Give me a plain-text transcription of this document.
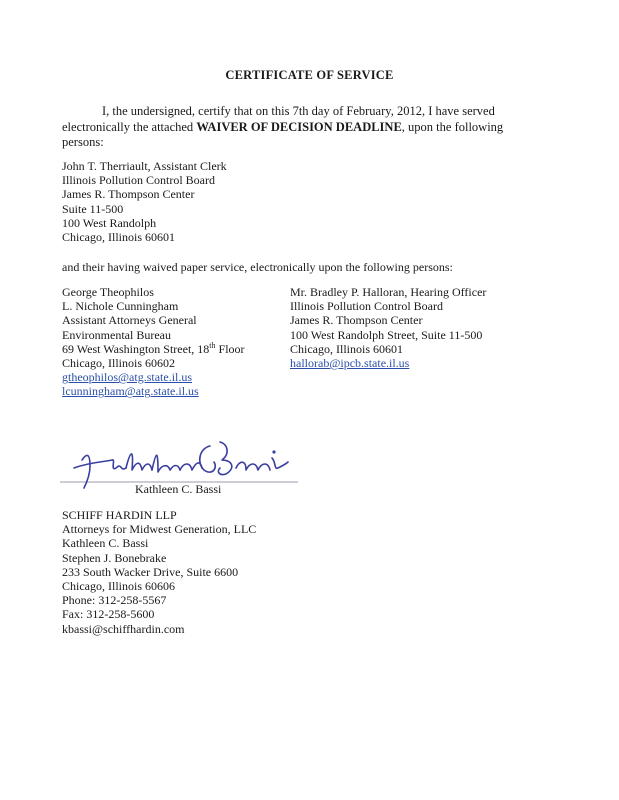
CERTIFICATE OF SERVICE
I, the undersigned, certify that on this 7th day of February, 2012, I have served
electronically the attached WAIVER OF DECISION DEADLINE, upon the following
persons:
John T. Therriault, Assistant Clerk
Illinois Pollution Control Board
James R. Thompson Center
Suite 11-500
100 West Randolph
Chicago, Illinois 60601
and their having waived paper service, electronically upon the following persons:
George Theophilos
L. Nichole Cunningham
Assistant Attorneys General
Environmental Bureau
69 West Washington Street, 18th Floor
Chicago, Illinois 60602
gtheophilos@atg.state.il.us
lcunningham@atg.state.il.us
Mr. Bradley P. Halloran, Hearing Officer
Illinois Pollution Control Board
James R. Thompson Center
100 West Randolph Street, Suite 11-500
Chicago, Illinois 60601
hallorab@ipcb.state.il.us
Kathleen C. Bassi
SCHIFF HARDIN LLP
Attorneys for Midwest Generation, LLC
Kathleen C. Bassi
Stephen J. Bonebrake
233 South Wacker Drive, Suite 6600
Chicago, Illinois 60606
Phone: 312-258-5567
Fax: 312-258-5600
kbassi@schiffhardin.com
